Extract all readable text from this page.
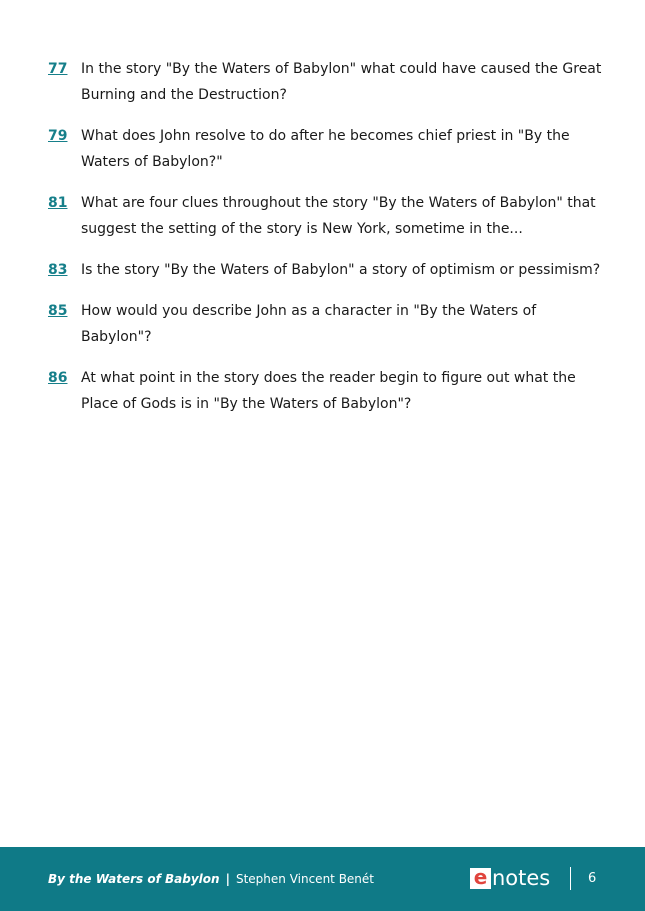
77 In the story "By the Waters of Babylon" what could have caused the Great Burning and the Destruction?
79 What does John resolve to do after he becomes chief priest in "By the Waters of Babylon?"
81 What are four clues throughout the story "By the Waters of Babylon" that suggest the setting of the story is New York, sometime in the...
83 Is the story "By the Waters of Babylon" a story of optimism or pessimism?
85 How would you describe John as a character in "By the Waters of Babylon"?
86 At what point in the story does the reader begin to figure out what the Place of Gods is in "By the Waters of Babylon"?
By the Waters of Babylon | Stephen Vincent Benét	e notes	6
